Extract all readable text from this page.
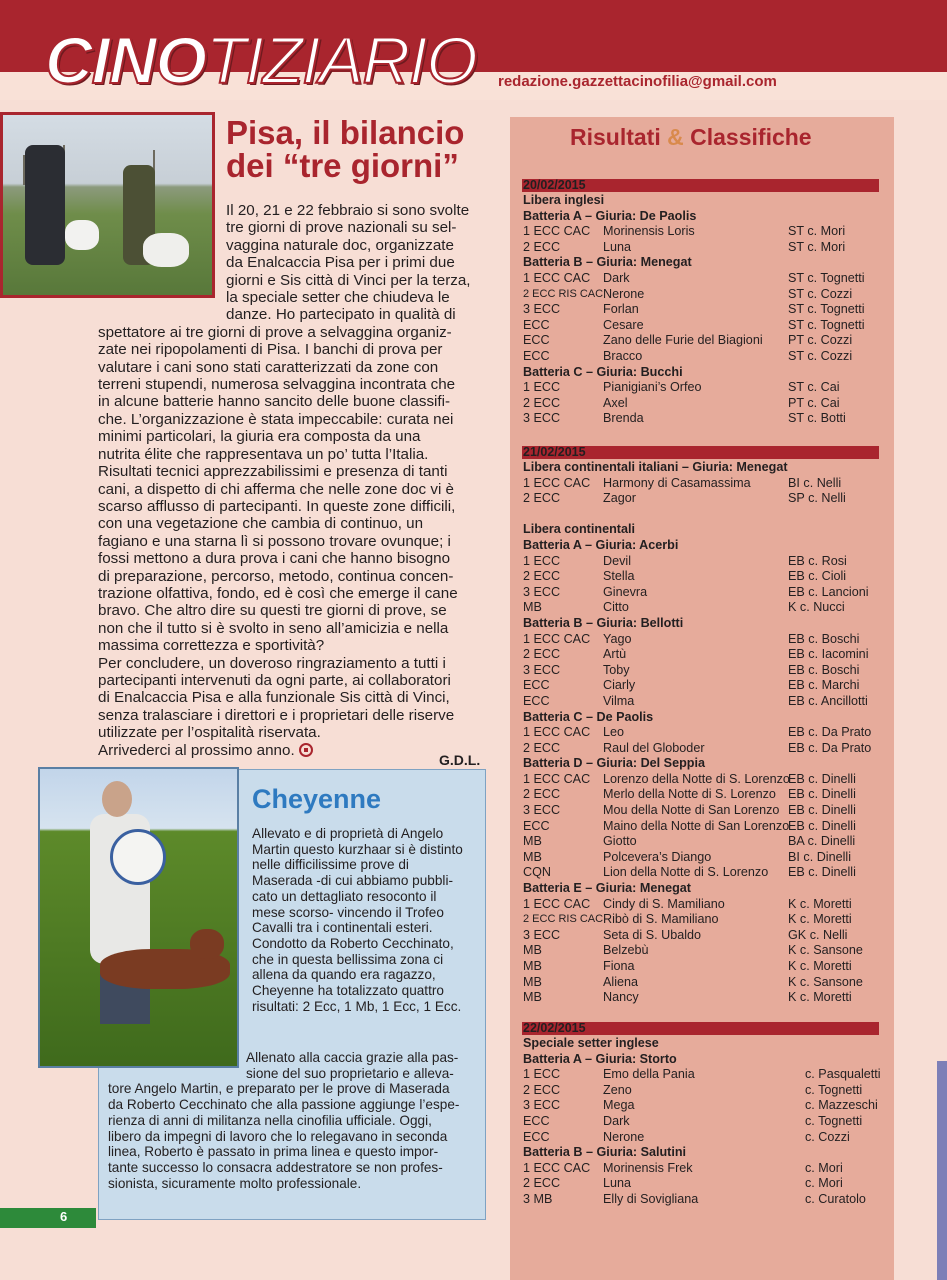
CINOTIZIARIO redazione.gazzettacinofilia@gmail.com
Pisa, il bilancio
dei “tre giorni”
Il 20, 21 e 22 febbraio si sono svolte
tre giorni di prove nazionali su sel-
vaggina naturale doc, organizzate
da Enalcaccia Pisa per i primi due
giorni e Sis città di Vinci per la terza,
la speciale setter che chiudeva le
danze. Ho partecipato in qualità di
spettatore ai tre giorni di prove a selvaggina organiz-
zate nei ripopolamenti di Pisa. I banchi di prova per
valutare i cani sono stati caratterizzati da zone con
terreni stupendi, numerosa selvaggina incontrata che
in alcune batterie hanno sancito delle buone classifi-
che. L’organizzazione è stata impeccabile: curata nei
minimi particolari, la giuria era composta da una
nutrita élite che rappresentava un po’ tutta l’Italia.
Risultati tecnici apprezzabilissimi e presenza di tanti
cani, a dispetto di chi afferma che nelle zone doc vi è
scarso afflusso di partecipanti. In queste zone difficili,
con una vegetazione che cambia di continuo, un
fagiano e una starna lì si possono trovare ovunque; i
fossi mettono a dura prova i cani che hanno bisogno
di preparazione, percorso, metodo, continua concen-
trazione olfattiva, fondo, ed è così che emerge il cane
bravo. Che altro dire su questi tre giorni di prove, se
non che il tutto si è svolto in seno all’amicizia e nella
massima correttezza e sportività?
Per concludere, un doveroso ringraziamento a tutti i
partecipanti intervenuti da ogni parte, ai collaboratori
di Enalcaccia Pisa e alla funzionale Sis città di Vinci,
senza tralasciare i direttori e i proprietari delle riserve
utilizzate per l’ospitalità riservata.
Arrivederci al prossimo anno.
G.D.L.
Cheyenne
Allevato e di proprietà di Angelo
Martin questo kurzhaar si è distinto
nelle difficilissime prove di
Maserada -di cui abbiamo pubbli-
cato un dettagliato resoconto il
mese scorso- vincendo il Trofeo
Cavalli tra i continentali esteri.
Condotto da Roberto Cecchinato,
che in questa bellissima zona ci
allena da quando era ragazzo,
Cheyenne ha totalizzato quattro
risultati: 2 Ecc, 1 Mb, 1 Ecc, 1 Ecc.
Allenato alla caccia grazie alla pas-
sione del suo proprietario e alleva-
tore Angelo Martin, e preparato per le prove di Maserada
da Roberto Cecchinato che alla passione aggiunge l’espe-
rienza di anni di militanza nella cinofilia ufficiale. Oggi,
libero da impegni di lavoro che lo relegavano in seconda
linea, Roberto è passato in prima linea e questo impor-
tante successo lo consacra addestratore se non profes-
sionista, sicuramente molto professionale.
6
Risultati & Classifiche
20/02/2015
Libera inglesi
Batteria A – Giuria: De Paolis
1 ECC CAC Morinensis Loris	ST c. Mori
2 ECC	Luna	ST c. Mori
Batteria B – Giuria: Menegat
1 ECC CAC Dark	ST c. Tognetti
2 ECC RIS CAC Nerone	ST c. Cozzi
3 ECC	Forlan	ST c. Tognetti
ECC	Cesare	ST c. Tognetti
ECC	Zano delle Furie del Biagioni PT c. Cozzi
ECC	Bracco	ST c. Cozzi
Batteria C – Giuria: Bucchi
1 ECC	Pianigiani’s Orfeo	ST c. Cai
2 ECC	Axel	PT c. Cai
3 ECC	Brenda	ST c. Botti
21/02/2015
Libera continentali italiani – Giuria: Menegat
1 ECC CAC Harmony di Casamassima	BI c. Nelli
2 ECC	Zagor	SP c. Nelli
Libera continentali
Batteria A – Giuria: Acerbi
1 ECC	Devil	EB c. Rosi
2 ECC	Stella	EB c. Cioli
3 ECC	Ginevra	EB c. Lancioni
MB	Citto	K c. Nucci
Batteria B – Giuria: Bellotti
1 ECC CAC Yago	EB c. Boschi
2 ECC	Artù	EB c. Iacomini
3 ECC	Toby	EB c. Boschi
ECC	Ciarly	EB c. Marchi
ECC	Vilma	EB c. Ancillotti
Batteria C – De Paolis
1 ECC CAC Leo	EB c. Da Prato
2 ECC	Raul del Globoder	EB c. Da Prato
Batteria D – Giuria: Del Seppia
1 ECC CAC Lorenzo della Notte di S. Lorenzo
EB c. Dinelli
2 ECC	Merlo della Notte di S. Lorenzo EB c. Dinelli
3 ECC	Mou della Notte di San Lorenzo EB c. Dinelli
ECC	Maino della Notte di San Lorenzo
EB c. Dinelli
MB	Giotto	BA c. Dinelli
MB	Polcevera’s Diango	BI c. Dinelli
CQN	Lion della Notte di S. Lorenzo EB c. Dinelli
Batteria E – Giuria: Menegat
1 ECC CAC Cindy di S. Mamiliano	K c. Moretti
2 ECC RIS CAC Ribò di S. Mamiliano	K c. Moretti
3 ECC	Seta di S. Ubaldo	GK c. Nelli
MB	Belzebù	K c. Sansone
MB	Fiona	K c. Moretti
MB	Aliena	K c. Sansone
MB	Nancy	K c. Moretti
22/02/2015
Speciale setter inglese
Batteria A – Giuria: Storto
1 ECC	Emo della Pania	c. Pasqualetti
2 ECC	Zeno	c. Tognetti
3 ECC	Mega	c. Mazzeschi
ECC	Dark	c. Tognetti
ECC	Nerone	c. Cozzi
Batteria B – Giuria: Salutini
1 ECC CAC Morinensis Frek	c. Mori
2 ECC	Luna	c. Mori
3 MB	Elly di Sovigliana	c. Curatolo
